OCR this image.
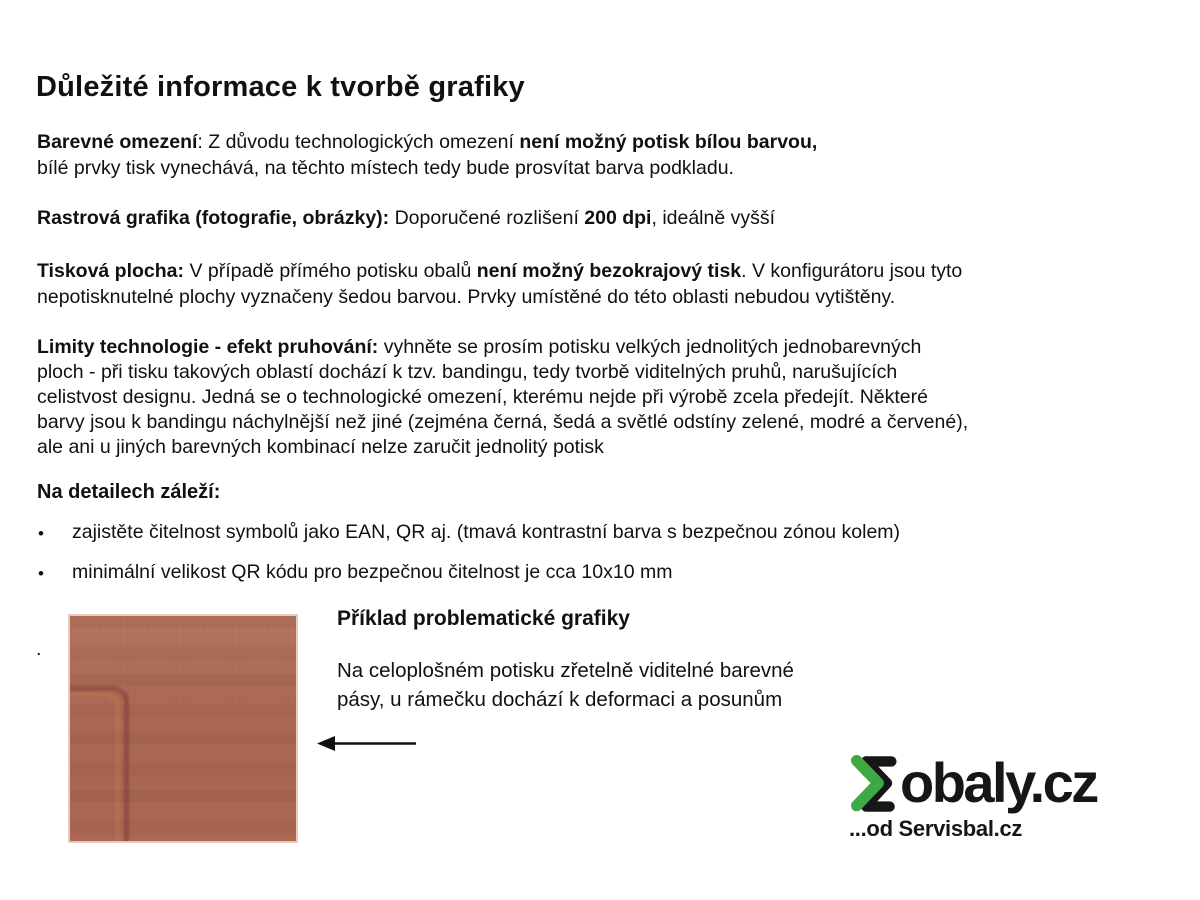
Důležité informace k tvorbě grafiky
Barevné omezení: Z důvodu technologických omezení není možný potisk bílou barvou,
bílé prvky tisk vynechává, na těchto místech tedy bude prosvítat barva podkladu.
Rastrová grafika (fotografie, obrázky): Doporučené rozlišení 200 dpi, ideálně vyšší
Tisková plocha: V případě přímého potisku obalů není možný bezokrajový tisk. V konfigurátoru jsou tyto
nepotisknutelné plochy vyznačeny šedou barvou. Prvky umístěné do této oblasti nebudou vytištěny.
Limity technologie - efekt pruhování: vyhněte se prosím potisku velkých jednolitých jednobarevných
ploch - při tisku takových oblastí dochází k tzv. bandingu, tedy tvorbě viditelných pruhů, narušujících
celistvost designu. Jedná se o technologické omezení, kterému nejde při výrobě zcela předejít. Některé
barvy jsou k bandingu náchylnější než jiné (zejména černá, šedá a světlé odstíny zelené, modré a červené),
ale ani u jiných barevných kombinací nelze zaručit jednolitý potisk
Na detailech záleží:
• zajistěte čitelnost symbolů jako EAN, QR aj. (tmavá kontrastní barva s bezpečnou zónou kolem)
• minimální velikost QR kódu pro bezpečnou čitelnost je cca 10x10 mm
.
Příklad problematické grafiky
Na celoplošném potisku zřetelně viditelné barevné
pásy, u rámečku dochází k deformaci a posunům
obaly.cz
...od Servisbal.cz
